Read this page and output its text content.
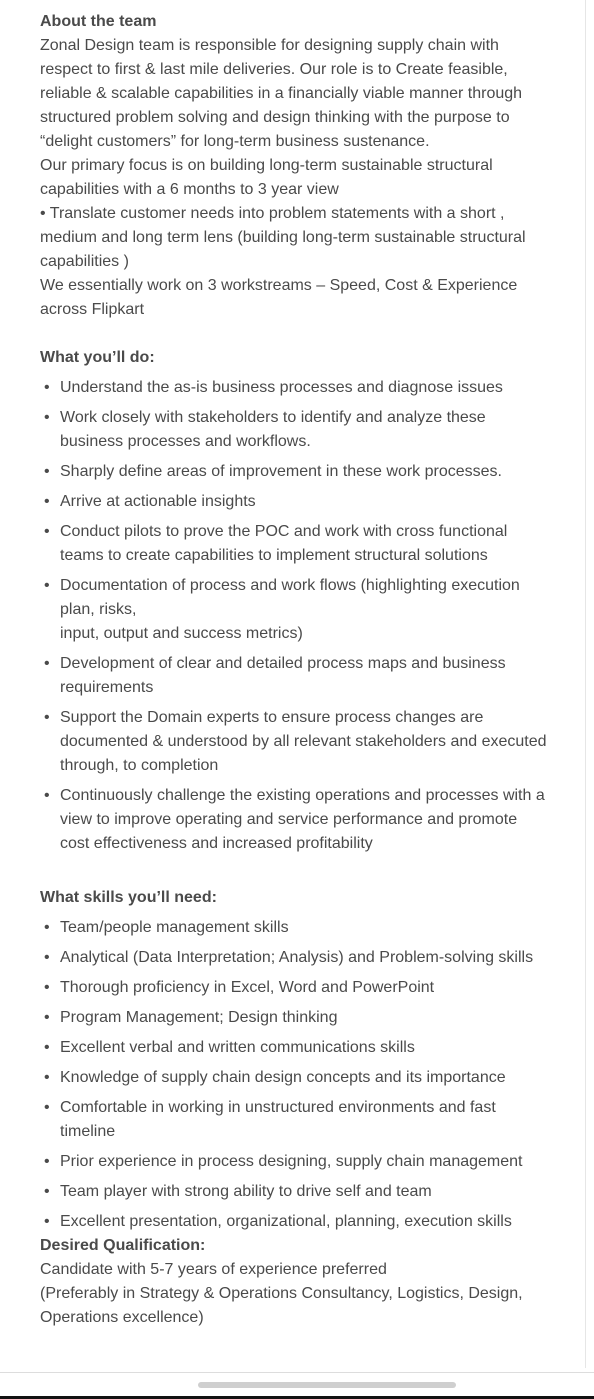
About the team

Zonal Design team is responsible for designing supply chain with respect to first & last mile deliveries. Our role is to Create feasible, reliable & scalable capabilities in a financially viable manner through structured problem solving and design thinking with the purpose to “delight customers” for long-term business sustenance.

Our primary focus is on building long-term sustainable structural capabilities with a 6 months to 3 year view

• Translate customer needs into problem statements with a short , medium and long term lens (building long-term sustainable structural capabilities )

We essentially work on 3 workstreams – Speed, Cost & Experience across Flipkart

What you’ll do:

• Understand the as-is business processes and diagnose issues
• Work closely with stakeholders to identify and analyze these business processes and workflows.
• Sharply define areas of improvement in these work processes.
• Arrive at actionable insights
• Conduct pilots to prove the POC and work with cross functional teams to create capabilities to implement structural solutions
• Documentation of process and work flows (highlighting execution plan, risks,
input, output and success metrics)
• Development of clear and detailed process maps and business requirements
• Support the Domain experts to ensure process changes are documented & understood by all relevant stakeholders and executed through, to completion
• Continuously challenge the existing operations and processes with a view to improve operating and service performance and promote cost effectiveness and increased profitability

What skills you’ll need:

• Team/people management skills
• Analytical (Data Interpretation; Analysis) and Problem-solving skills
• Thorough proficiency in Excel, Word and PowerPoint
• Program Management; Design thinking
• Excellent verbal and written communications skills
• Knowledge of supply chain design concepts and its importance
• Comfortable in working in unstructured environments and fast timeline
• Prior experience in process designing, supply chain management
• Team player with strong ability to drive self and team
• Excellent presentation, organizational, planning, execution skills

Desired Qualification:

Candidate with 5-7 years of experience preferred

(Preferably in Strategy & Operations Consultancy, Logistics, Design, Operations excellence)
